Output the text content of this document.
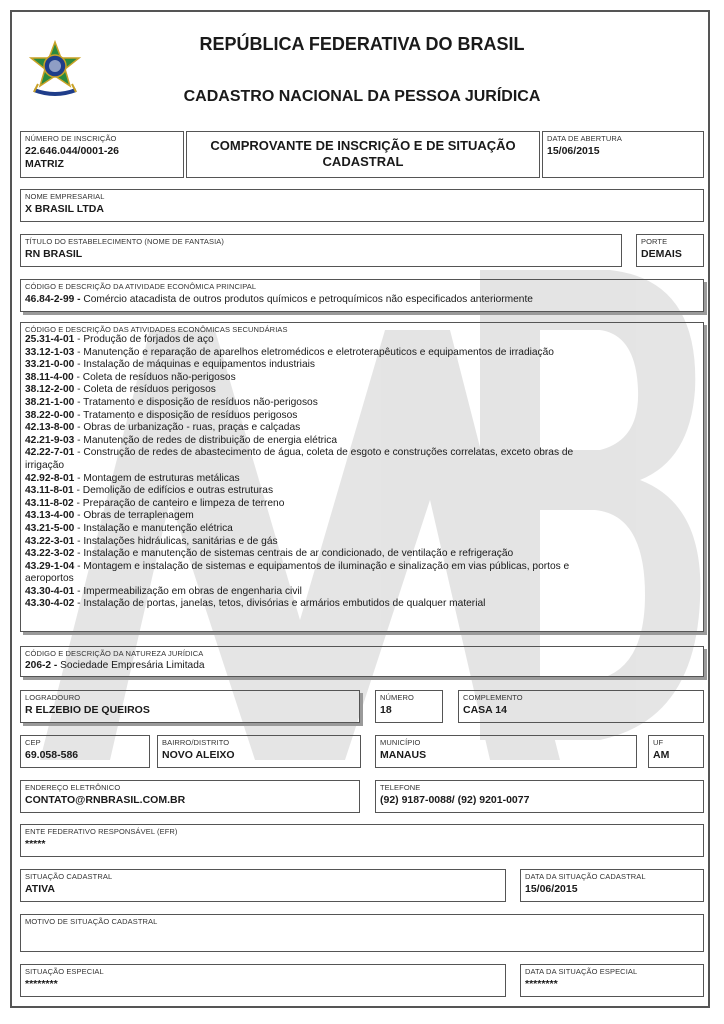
REPÚBLICA FEDERATIVA DO BRASIL
CADASTRO NACIONAL DA PESSOA JURÍDICA
NÚMERO DE INSCRIÇÃO
22.646.044/0001-26
MATRIZ
COMPROVANTE DE INSCRIÇÃO E DE SITUAÇÃO
CADASTRAL
DATA DE ABERTURA
15/06/2015
NOME EMPRESARIAL
X BRASIL LTDA
TÍTULO DO ESTABELECIMENTO (NOME DE FANTASIA)
RN BRASIL
PORTE
DEMAIS
CÓDIGO E DESCRIÇÃO DA ATIVIDADE ECONÔMICA PRINCIPAL
46.84-2-99 - Comércio atacadista de outros produtos químicos e petroquímicos não especificados anteriormente
CÓDIGO E DESCRIÇÃO DAS ATIVIDADES ECONÔMICAS SECUNDÁRIAS
25.31-4-01 - Produção de forjados de aço
33.12-1-03 - Manutenção e reparação de aparelhos eletromédicos e eletroterapêuticos e equipamentos de irradiação
33.21-0-00 - Instalação de máquinas e equipamentos industriais
38.11-4-00 - Coleta de resíduos não-perigosos
38.12-2-00 - Coleta de resíduos perigosos
38.21-1-00 - Tratamento e disposição de resíduos não-perigosos
38.22-0-00 - Tratamento e disposição de resíduos perigosos
42.13-8-00 - Obras de urbanização - ruas, praças e calçadas
42.21-9-03 - Manutenção de redes de distribuição de energia elétrica
42.22-7-01 - Construção de redes de abastecimento de água, coleta de esgoto e construções correlatas, exceto obras de
irrigação
42.92-8-01 - Montagem de estruturas metálicas
43.11-8-01 - Demolição de edifícios e outras estruturas
43.11-8-02 - Preparação de canteiro e limpeza de terreno
43.13-4-00 - Obras de terraplenagem
43.21-5-00 - Instalação e manutenção elétrica
43.22-3-01 - Instalações hidráulicas, sanitárias e de gás
43.22-3-02 - Instalação e manutenção de sistemas centrais de ar condicionado, de ventilação e refrigeração
43.29-1-04 - Montagem e instalação de sistemas e equipamentos de iluminação e sinalização em vias públicas, portos e
aeroportos
43.30-4-01 - Impermeabilização em obras de engenharia civil
43.30-4-02 - Instalação de portas, janelas, tetos, divisórias e armários embutidos de qualquer material
CÓDIGO E DESCRIÇÃO DA NATUREZA JURÍDICA
206-2 - Sociedade Empresária Limitada
LOGRADOURO
R ELZEBIO DE QUEIROS
NÚMERO
18
COMPLEMENTO
CASA 14
CEP
69.058-586
BAIRRO/DISTRITO
NOVO ALEIXO
MUNICÍPIO
MANAUS
UF
AM
ENDEREÇO ELETRÔNICO
CONTATO@RNBRASIL.COM.BR
TELEFONE
(92) 9187-0088/ (92) 9201-0077
ENTE FEDERATIVO RESPONSÁVEL (EFR)
*****
SITUAÇÃO CADASTRAL
ATIVA
DATA DA SITUAÇÃO CADASTRAL
15/06/2015
MOTIVO DE SITUAÇÃO CADASTRAL
SITUAÇÃO ESPECIAL
********
DATA DA SITUAÇÃO ESPECIAL
********
